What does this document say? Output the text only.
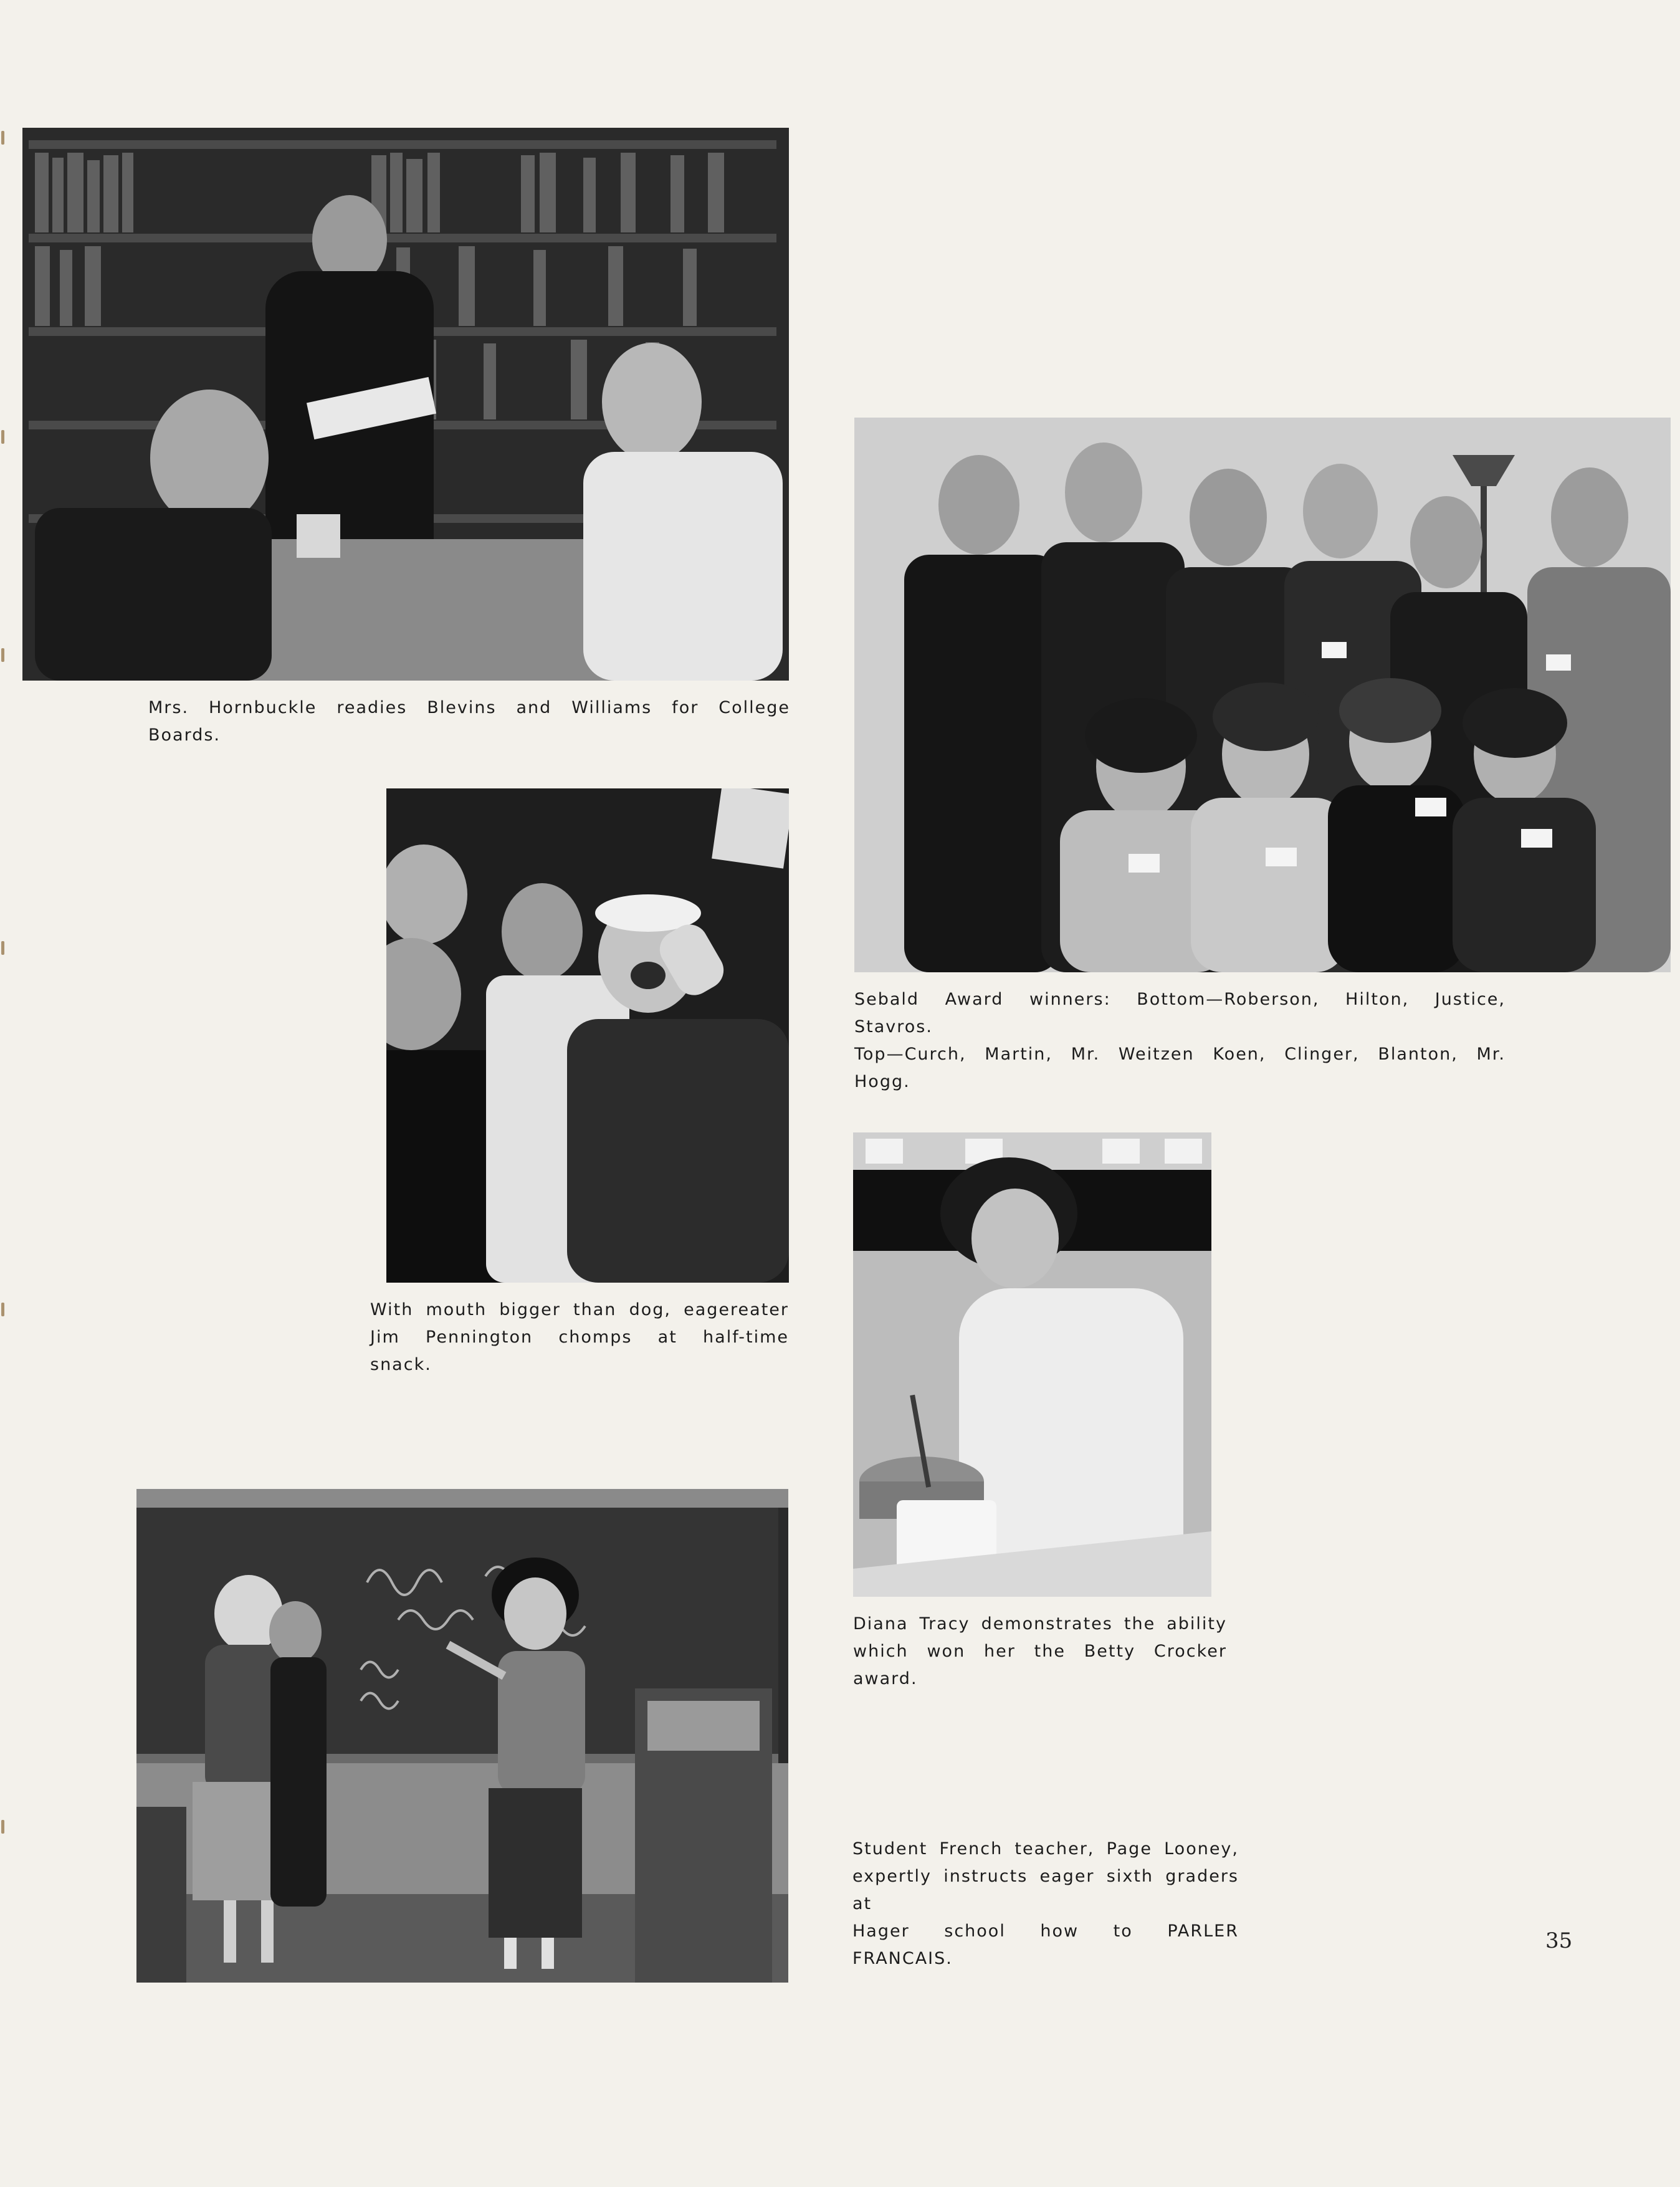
Mrs. Hornbuckle readies Blevins and Williams for College Boards.
With mouth bigger than dog, eagereater
Jim Pennington chomps at half-time snack.
Sebald Award winners: Bottom—Roberson, Hilton, Justice, Stavros.
Top—Curch, Martin, Mr. Weitzen Koen, Clinger, Blanton, Mr. Hogg.
Diana Tracy demonstrates the ability
which won her the Betty Crocker award.
Student French teacher, Page Looney,
expertly instructs eager sixth graders at
Hager school how to PARLER FRANCAIS.
35
